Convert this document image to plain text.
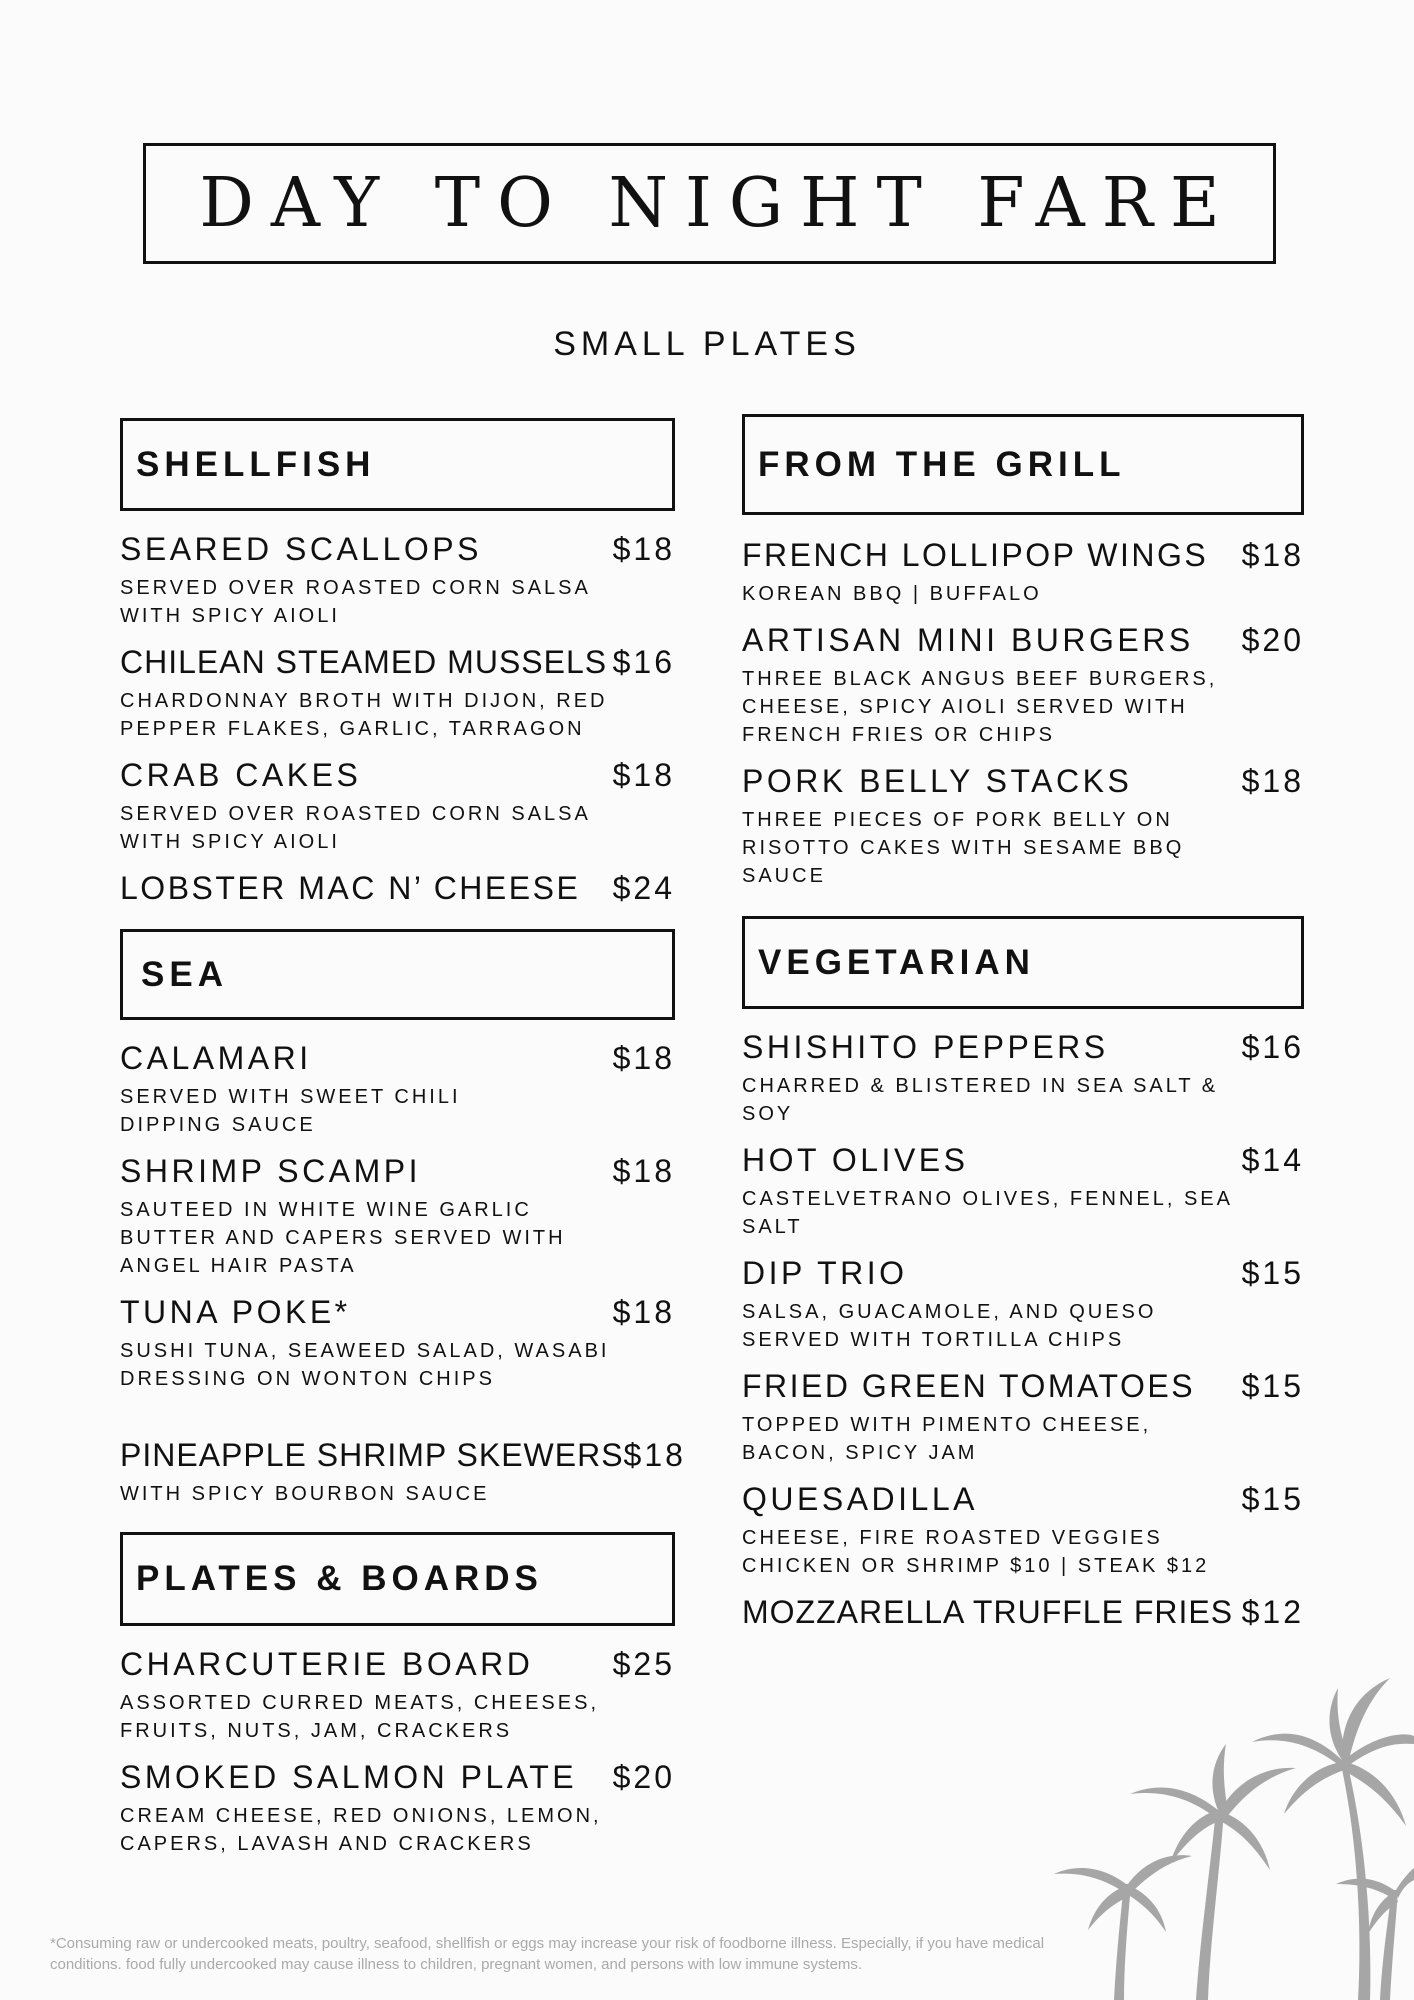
DAY TO NIGHT FARE
SMALL PLATES
SHELLFISH
SEARED SCALLOPS	$18
SERVED OVER ROASTED CORN SALSA
WITH SPICY AIOLI
CHILEAN STEAMED MUSSELS $16
CHARDONNAY BROTH WITH DIJON, RED
PEPPER FLAKES, GARLIC, TARRAGON
CRAB CAKES	$18
SERVED OVER ROASTED CORN SALSA
WITH SPICY AIOLI
LOBSTER MAC N’ CHEESE $24
SEA
CALAMARI	$18
SERVED WITH SWEET CHILI
DIPPING SAUCE
SHRIMP SCAMPI	$18
SAUTEED IN WHITE WINE GARLIC
BUTTER AND CAPERS SERVED WITH
ANGEL HAIR PASTA
TUNA POKE*	$18
SUSHI TUNA, SEAWEED SALAD, WASABI
DRESSING ON WONTON CHIPS
PINEAPPLE SHRIMP SKEWERS $18
WITH SPICY BOURBON SAUCE
PLATES & BOARDS
CHARCUTERIE BOARD $25
ASSORTED CURRED MEATS, CHEESES,
FRUITS, NUTS, JAM, CRACKERS
SMOKED SALMON PLATE $20
CREAM CHEESE, RED ONIONS, LEMON,
CAPERS, LAVASH AND CRACKERS
FROM THE GRILL
FRENCH LOLLIPOP WINGS $18
KOREAN BBQ | BUFFALO
ARTISAN MINI BURGERS $20
THREE BLACK ANGUS BEEF BURGERS,
CHEESE, SPICY AIOLI SERVED WITH
FRENCH FRIES OR CHIPS
PORK BELLY STACKS	$18
THREE PIECES OF PORK BELLY ON
RISOTTO CAKES WITH SESAME BBQ
SAUCE
VEGETARIAN
SHISHITO PEPPERS	$16
CHARRED & BLISTERED IN SEA SALT &
SOY
HOT OLIVES	$14
CASTELVETRANO OLIVES, FENNEL, SEA
SALT
DIP TRIO	$15
SALSA, GUACAMOLE, AND QUESO
SERVED WITH TORTILLA CHIPS
FRIED GREEN TOMATOES $15
TOPPED WITH PIMENTO CHEESE,
BACON, SPICY JAM
QUESADILLA	$15
CHEESE, FIRE ROASTED VEGGIES
CHICKEN OR SHRIMP $10 | STEAK $12
MOZZARELLA TRUFFLE FRIES $12
*Consuming raw or undercooked meats, poultry, seafood, shellfish or eggs may increase your risk of foodborne illness. Especially, if you have medical conditions. food fully undercooked may cause illness to children, pregnant women, and persons with low immune systems.
